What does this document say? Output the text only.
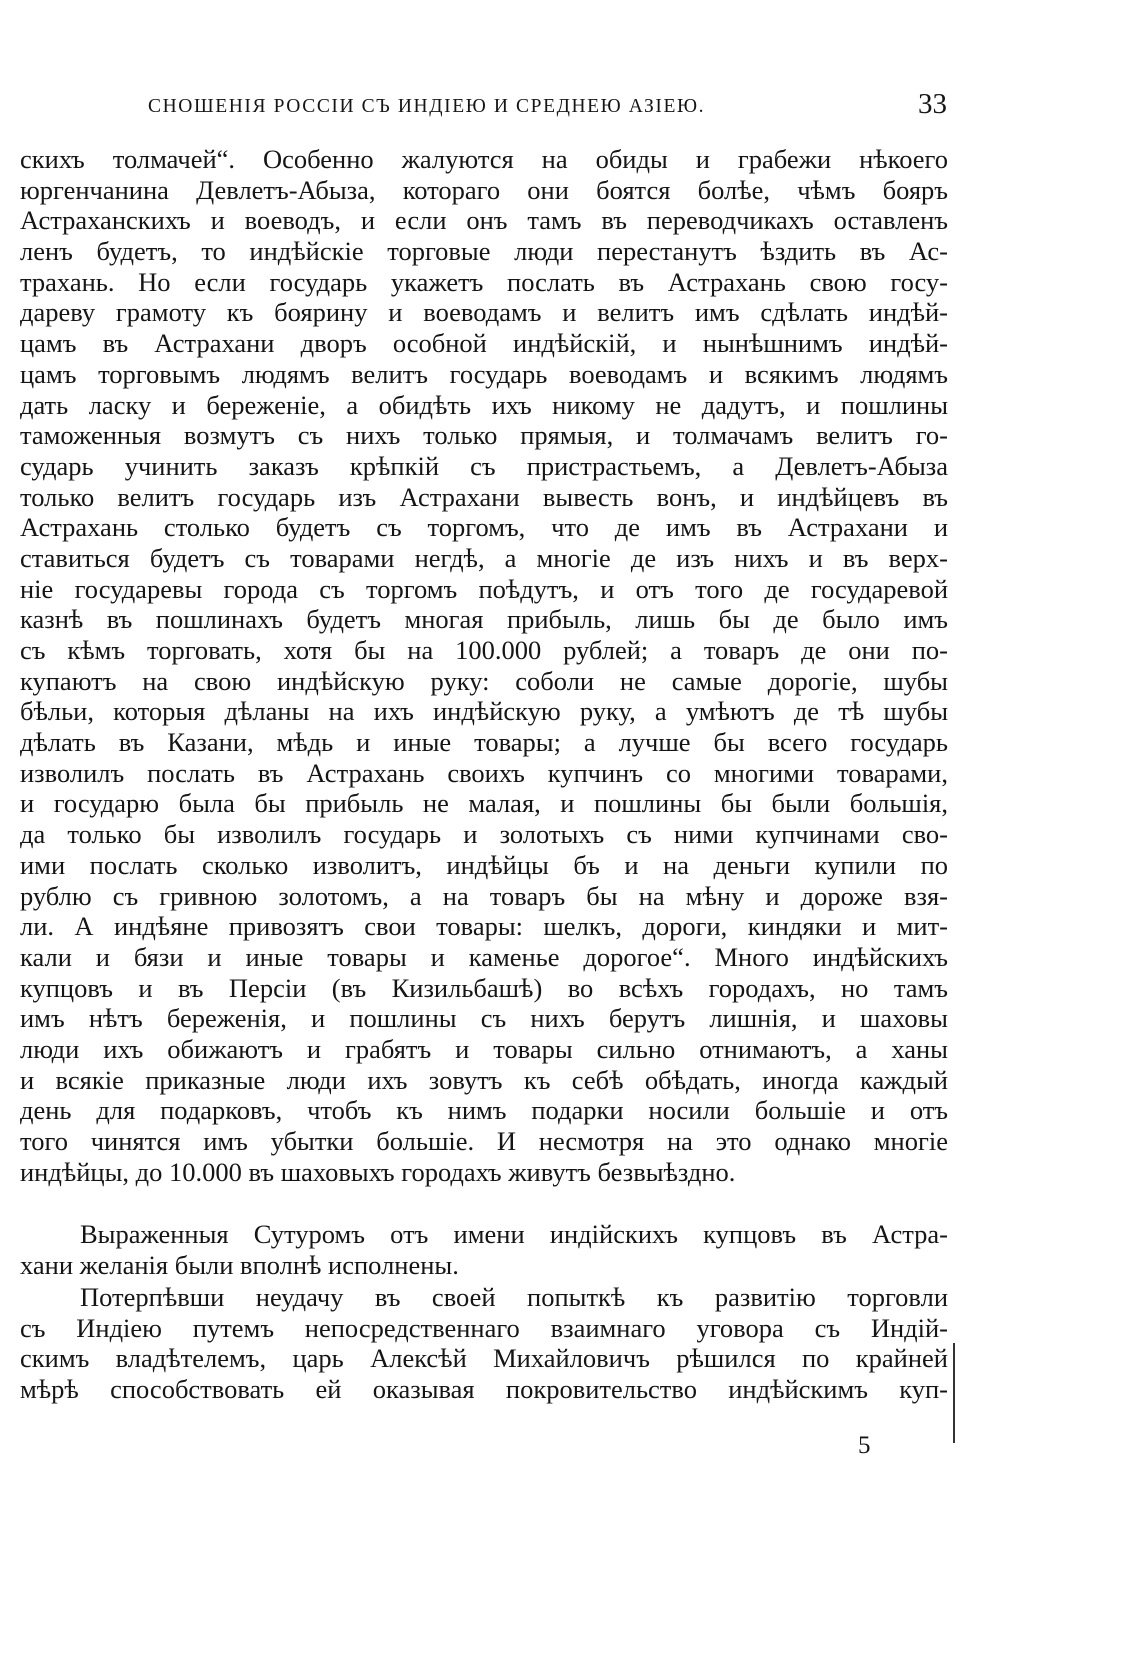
СНОШЕНІЯ РОССІИ СЪ ИНДІЕЮ И СРЕДНЕЮ АЗІЕЮ.	33
скихъ толмачей“. Особенно жалуются на обиды и грабежи нѣкоего
юргенчанина Девлетъ-Абыза, котораго они боятся болѣе, чѣмъ бояръ
Астраханскихъ и воеводъ, и если онъ тамъ въ переводчикахъ оставленъ
ленъ будетъ, то индѣйскіе торговые люди перестанутъ ѣздить въ Ас-
трахань. Но если государь укажетъ послать въ Астрахань свою госу-
дареву грамоту къ боярину и воеводамъ и велитъ имъ сдѣлать индѣй-
цамъ въ Астрахани дворъ особной индѣйскій, и нынѣшнимъ индѣй-
цамъ торговымъ людямъ велитъ государь воеводамъ и всякимъ людямъ
дать ласку и береженіе, а обидѣть ихъ никому не дадутъ, и пошлины
таможенныя возмутъ съ нихъ только прямыя, и толмачамъ велитъ го-
сударь учинить заказъ крѣпкій съ пристрастьемъ, а Девлетъ-Абыза
только велитъ государь изъ Астрахани вывесть вонъ, и индѣйцевъ въ
Астрахань столько будетъ съ торгомъ, что де имъ въ Астрахани и
ставиться будетъ съ товарами негдѣ, а многіе де изъ нихъ и въ верх-
ніе государевы города съ торгомъ поѣдутъ, и отъ того де государевой
казнѣ въ пошлинахъ будетъ многая прибыль, лишь бы де было имъ
съ кѣмъ торговать, хотя бы на 100.000 рублей; а товаръ де они по-
купаютъ на свою индѣйскую руку: соболи не самые дорогіе, шубы
бѣльи, которыя дѣланы на ихъ индѣйскую руку, а умѣютъ де тѣ шубы
дѣлать въ Казани, мѣдь и иные товары; а лучше бы всего государь
изволилъ послать въ Астрахань своихъ купчинъ со многими товарами,
и государю была бы прибыль не малая, и пошлины бы были большія,
да только бы изволилъ государь и золотыхъ съ ними купчинами сво-
ими послать сколько изволитъ, индѣйцы бъ и на деньги купили по
рублю съ гривною золотомъ, а на товаръ бы на мѣну и дороже взя-
ли. А индѣяне привозятъ свои товары: шелкъ, дороги, киндяки и мит-
кали и бязи и иные товары и каменье дорогое“. Много индѣйскихъ
купцовъ и въ Персіи (въ Кизильбашѣ) во всѣхъ городахъ, но тамъ
имъ нѣтъ береженія, и пошлины съ нихъ берутъ лишнія, и шаховы
люди ихъ обижаютъ и грабятъ и товары сильно отнимаютъ, а ханы
и всякіе приказные люди ихъ зовутъ къ себѣ обѣдать, иногда каждый
день для подарковъ, чтобъ къ нимъ подарки носили большіе и отъ
того чинятся имъ убытки большіе. И несмотря на это однако многіе
индѣйцы, до 10.000 въ шаховыхъ городахъ живутъ безвыѣздно.
Выраженныя Сутуромъ отъ имени индійскихъ купцовъ въ Астра-
хани желанія были вполнѣ исполнены.
Потерпѣвши неудачу въ своей попыткѣ къ развитію торговли
съ Индіею путемъ непосредственнаго взаимнаго уговора съ Индій-
скимъ владѣтелемъ, царь Алексѣй Михайловичъ рѣшился по крайней
мѣрѣ способствовать ей оказывая покровительство индѣйскимъ куп-
5
